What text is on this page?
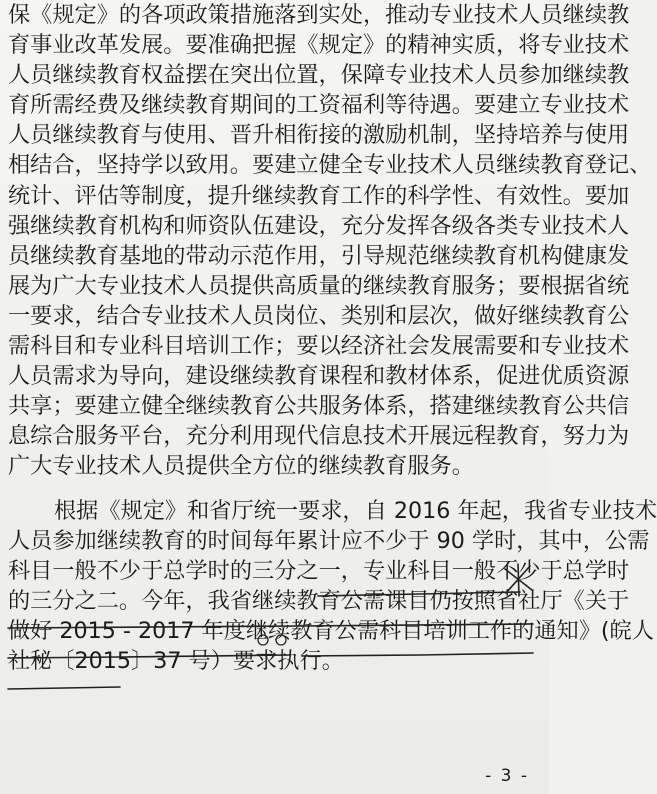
保《规定》的各项政策措施落到实处，推动专业技术人员继续教
育事业改革发展。要准确把握《规定》的精神实质，将专业技术
人员继续教育权益摆在突出位置，保障专业技术人员参加继续教
育所需经费及继续教育期间的工资福利等待遇。要建立专业技术
人员继续教育与使用、晋升相衔接的激励机制，坚持培养与使用
相结合，坚持学以致用。要建立健全专业技术人员继续教育登记、
统计、评估等制度，提升继续教育工作的科学性、有效性。要加
强继续教育机构和师资队伍建设，充分发挥各级各类专业技术人
员继续教育基地的带动示范作用，引导规范继续教育机构健康发
展为广大专业技术人员提供高质量的继续教育服务；要根据省统
一要求，结合专业技术人员岗位、类别和层次，做好继续教育公
需科目和专业科目培训工作；要以经济社会发展需要和专业技术
人员需求为导向，建设继续教育课程和教材体系，促进优质资源
共享；要建立健全继续教育公共服务体系，搭建继续教育公共信
息综合服务平台，充分利用现代信息技术开展远程教育，努力为
广大专业技术人员提供全方位的继续教育服务。
根据《规定》和省厅统一要求，自 2016 年起，我省专业技术
人员参加继续教育的时间每年累计应不少于 90 学时，其中，公需
科目一般不少于总学时的三分之一，专业科目一般不少于总学时
的三分之二。今年，我省继续教育公需课目仍按照省社厅《关于
做好 2015 - 2017 年度继续教育公需科目培训工作的通知》(皖人
社秘〔2015〕37 号）要求执行。
- 3 -
